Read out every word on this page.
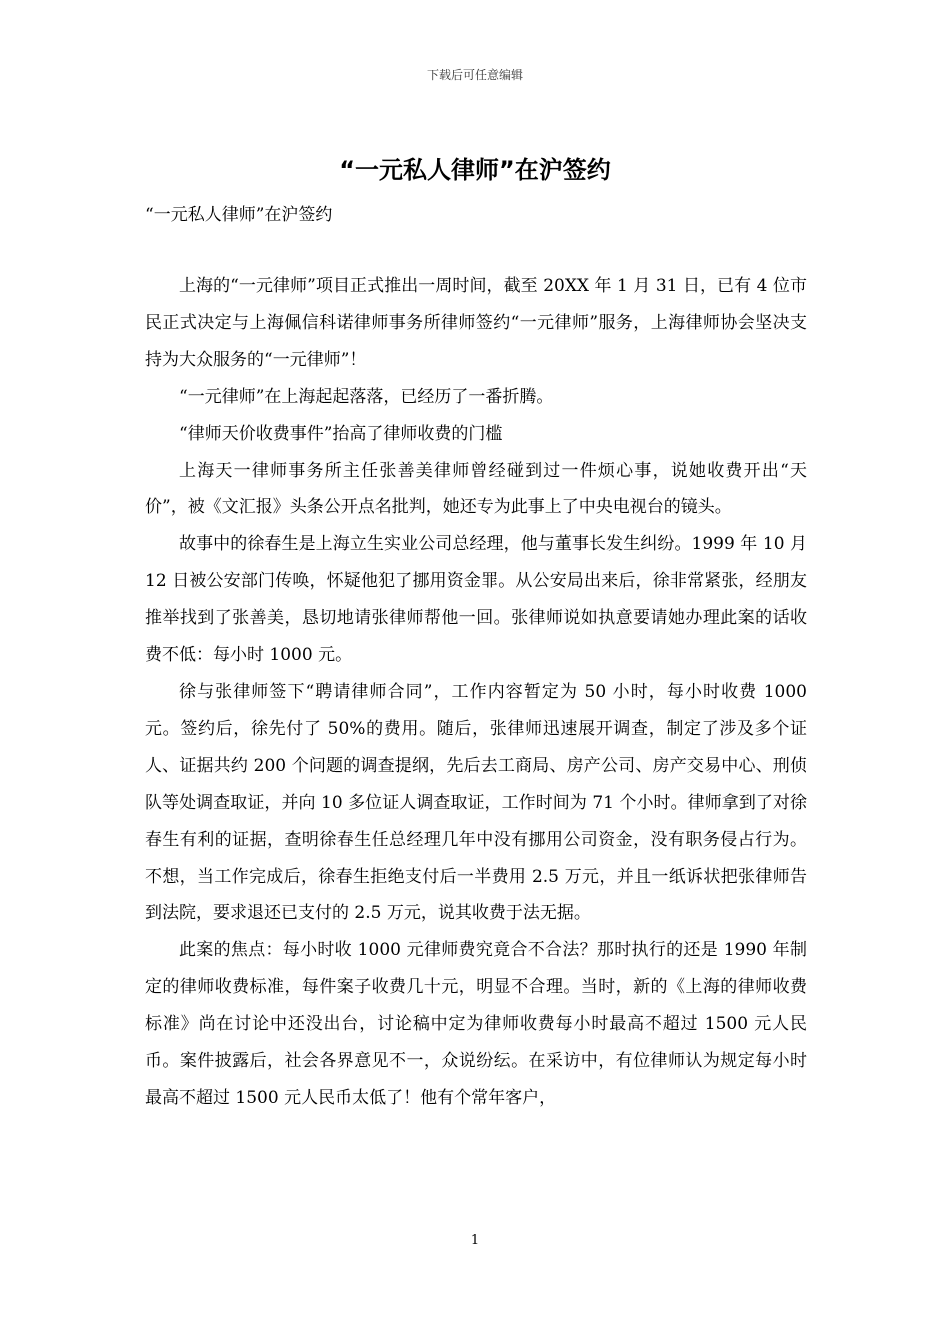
下载后可任意编辑
“一元私人律师”在沪签约
“一元私人律师”在沪签约

上海的“一元律师”项目正式推出一周时间，截至 20XX 年 1 月 31 日，已有 4 位市民正式决定与上海佩信科诺律师事务所律师签约“一元律师”服务，上海律师协会坚决支持为大众服务的“一元律师”！

“一元律师”在上海起起落落，已经历了一番折腾。

“律师天价收费事件”抬高了律师收费的门槛

上海天一律师事务所主任张善美律师曾经碰到过一件烦心事，说她收费开出“天价”，被《文汇报》头条公开点名批判，她还专为此事上了中央电视台的镜头。

故事中的徐春生是上海立生实业公司总经理，他与董事长发生纠纷。1999 年 10 月 12 日被公安部门传唤，怀疑他犯了挪用资金罪。从公安局出来后，徐非常紧张，经朋友推举找到了张善美，恳切地请张律师帮他一回。张律师说如执意要请她办理此案的话收费不低：每小时 1000 元。

徐与张律师签下“聘请律师合同”，工作内容暂定为 50 小时，每小时收费 1000 元。签约后，徐先付了 50%的费用。随后，张律师迅速展开调查，制定了涉及多个证人、证据共约 200 个问题的调查提纲，先后去工商局、房产公司、房产交易中心、刑侦队等处调查取证，并向 10 多位证人调查取证，工作时间为 71 个小时。律师拿到了对徐春生有利的证据，查明徐春生任总经理几年中没有挪用公司资金，没有职务侵占行为。不想，当工作完成后，徐春生拒绝支付后一半费用 2.5 万元，并且一纸诉状把张律师告到法院，要求退还已支付的 2.5 万元，说其收费于法无据。

此案的焦点：每小时收 1000 元律师费究竟合不合法？那时执行的还是 1990 年制定的律师收费标准，每件案子收费几十元，明显不合理。当时，新的《上海的律师收费标准》尚在讨论中还没出台，讨论稿中定为律师收费每小时最高不超过 1500 元人民币。案件披露后，社会各界意见不一，众说纷纭。在采访中，有位律师认为规定每小时最高不超过 1500 元人民币太低了！他有个常年客户，

1
